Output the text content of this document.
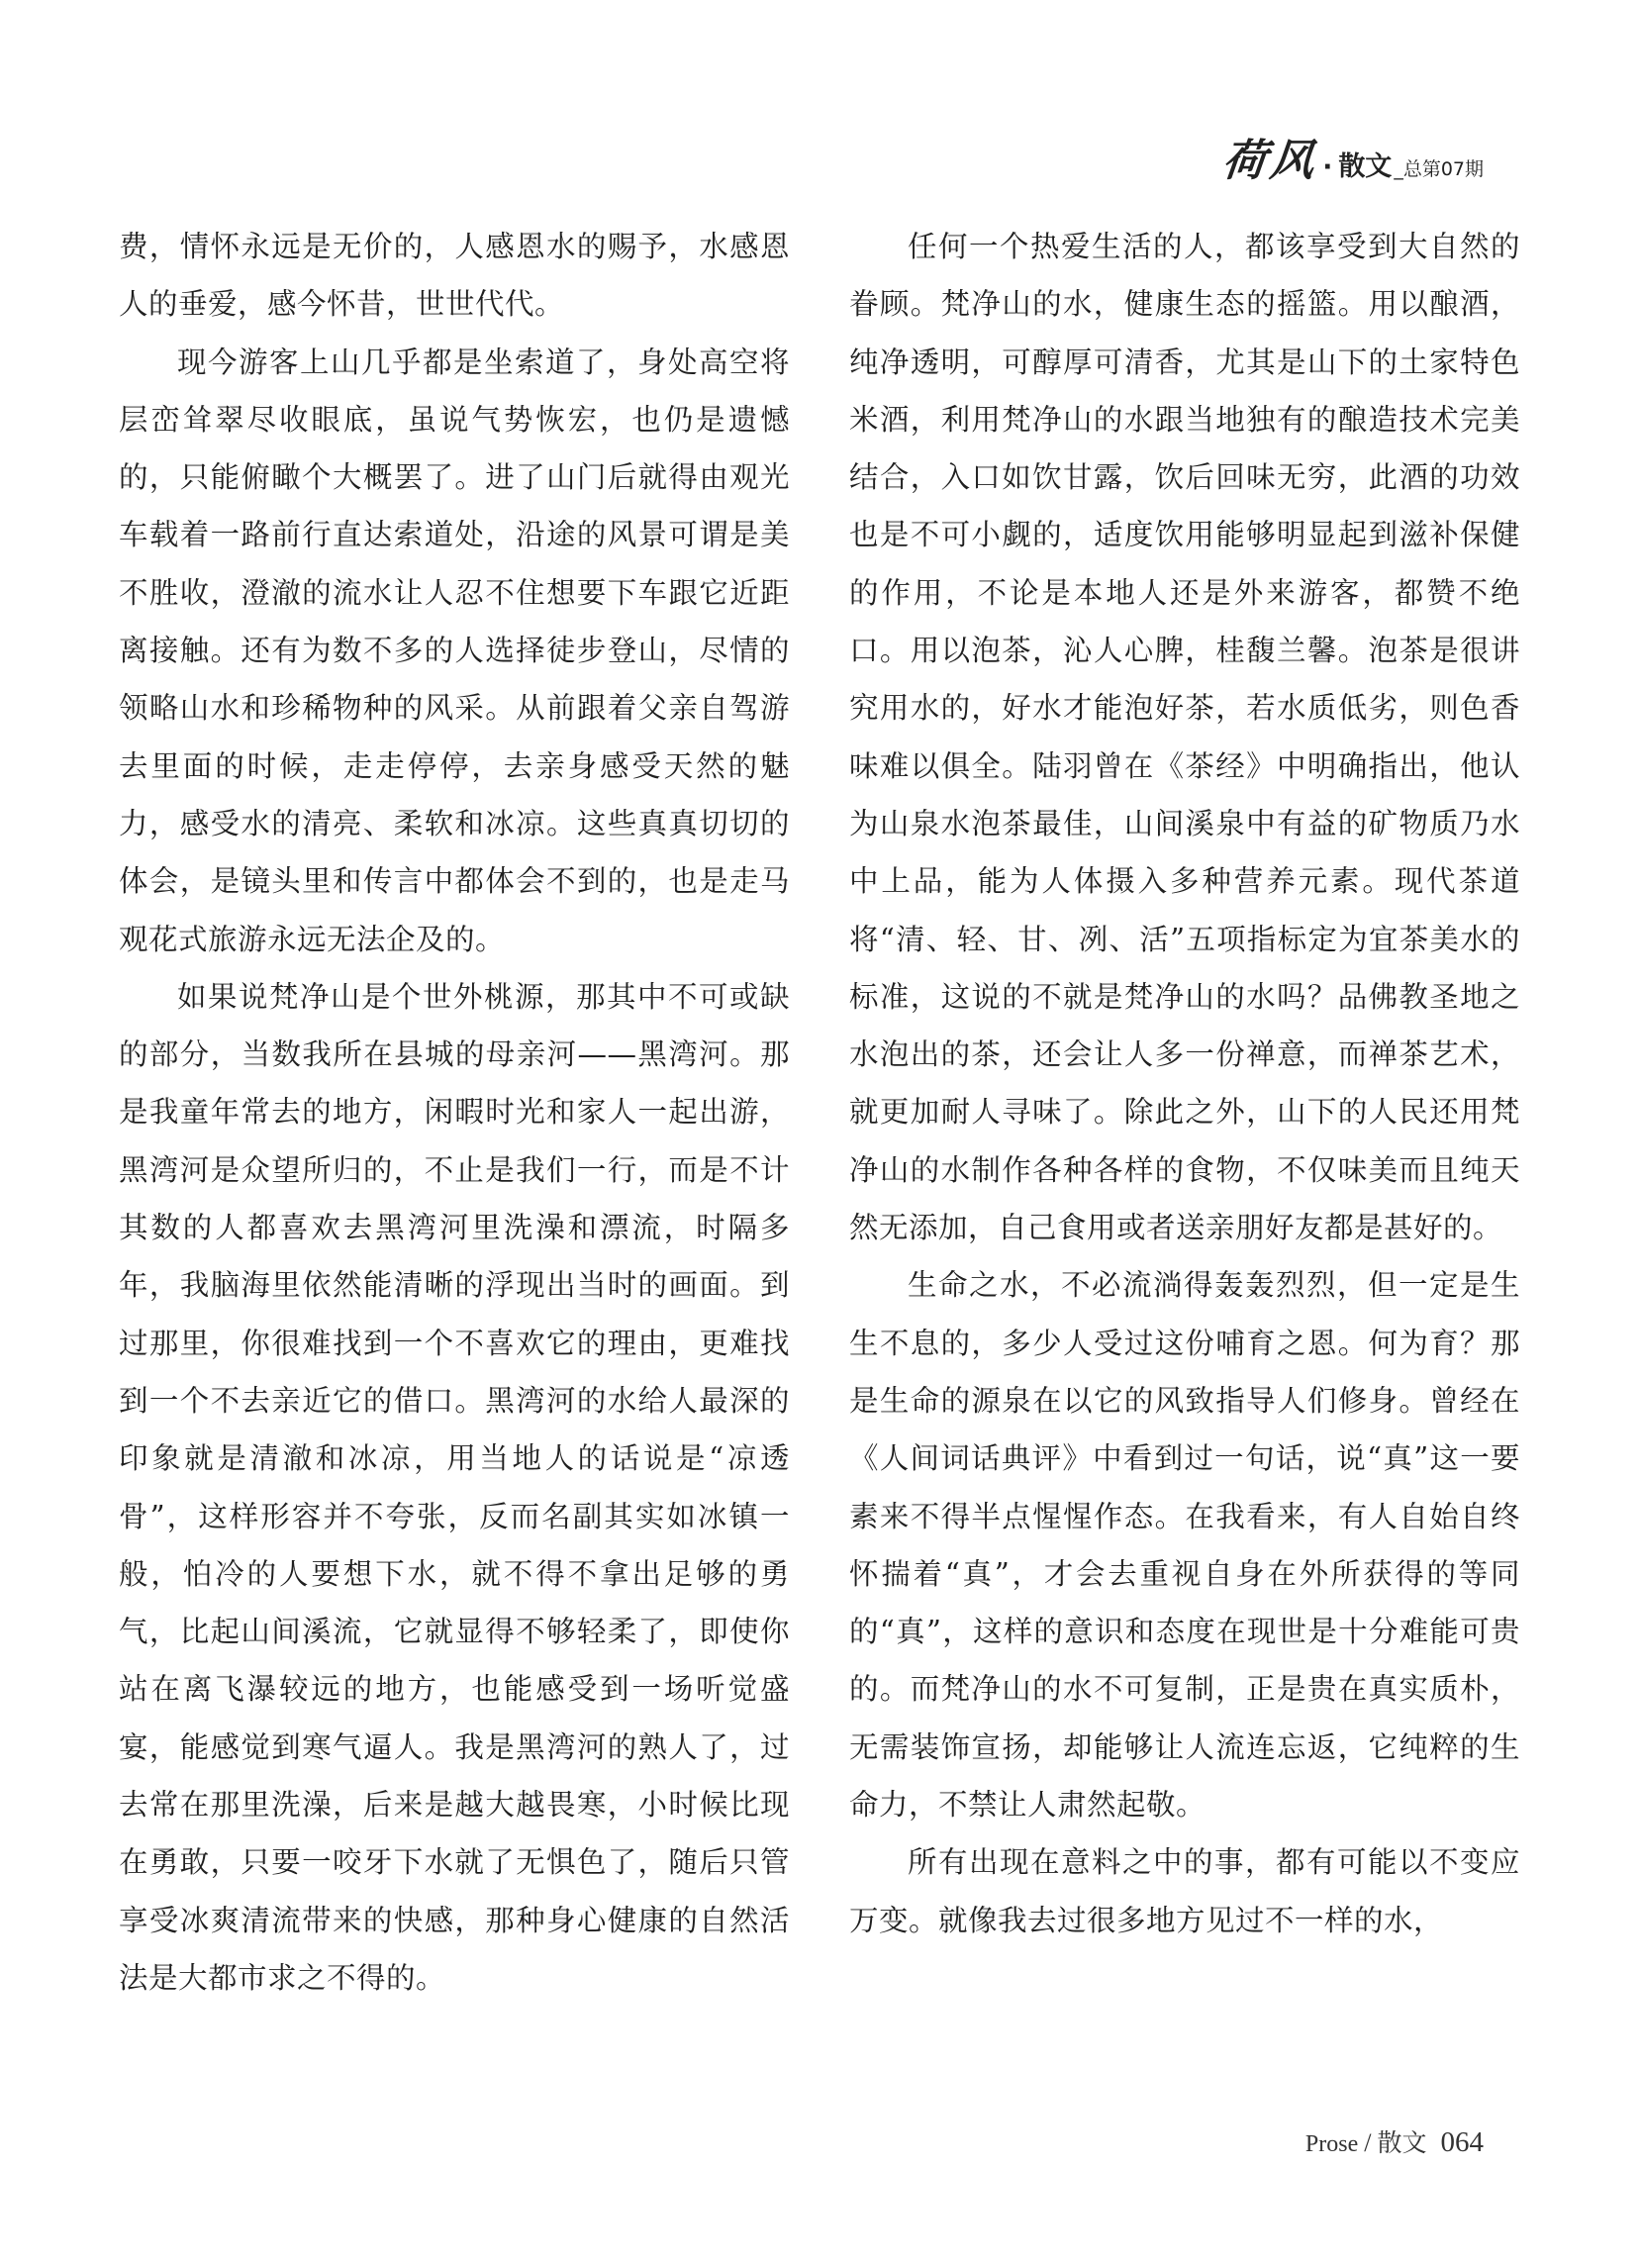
荷风 · 散文 _总第07期

费，情怀永远是无价的，人感恩水的赐予，水感恩人的垂爱，感今怀昔，世世代代。

现今游客上山几乎都是坐索道了，身处高空将层峦耸翠尽收眼底，虽说气势恢宏，也仍是遗憾的，只能俯瞰个大概罢了。进了山门后就得由观光车载着一路前行直达索道处，沿途的风景可谓是美不胜收，澄澈的流水让人忍不住想要下车跟它近距离接触。还有为数不多的人选择徒步登山，尽情的领略山水和珍稀物种的风采。从前跟着父亲自驾游去里面的时候，走走停停，去亲身感受天然的魅力，感受水的清亮、柔软和冰凉。这些真真切切的体会，是镜头里和传言中都体会不到的，也是走马观花式旅游永远无法企及的。

如果说梵净山是个世外桃源，那其中不可或缺的部分，当数我所在县城的母亲河——黑湾河。那是我童年常去的地方，闲暇时光和家人一起出游，黑湾河是众望所归的，不止是我们一行，而是不计其数的人都喜欢去黑湾河里洗澡和漂流，时隔多年，我脑海里依然能清晰的浮现出当时的画面。到过那里，你很难找到一个不喜欢它的理由，更难找到一个不去亲近它的借口。黑湾河的水给人最深的印象就是清澈和冰凉，用当地人的话说是“凉透骨”，这样形容并不夸张，反而名副其实如冰镇一般，怕冷的人要想下水，就不得不拿出足够的勇气，比起山间溪流，它就显得不够轻柔了，即使你站在离飞瀑较远的地方，也能感受到一场听觉盛宴，能感觉到寒气逼人。我是黑湾河的熟人了，过去常在那里洗澡，后来是越大越畏寒，小时候比现在勇敢，只要一咬牙下水就了无惧色了，随后只管享受冰爽清流带来的快感，那种身心健康的自然活法是大都市求之不得的。

任何一个热爱生活的人，都该享受到大自然的眷顾。梵净山的水，健康生态的摇篮。用以酿酒，纯净透明，可醇厚可清香，尤其是山下的土家特色米酒，利用梵净山的水跟当地独有的酿造技术完美结合，入口如饮甘露，饮后回味无穷，此酒的功效也是不可小觑的，适度饮用能够明显起到滋补保健的作用，不论是本地人还是外来游客，都赞不绝口。用以泡茶，沁人心脾，桂馥兰馨。泡茶是很讲究用水的，好水才能泡好茶，若水质低劣，则色香味难以俱全。陆羽曾在《茶经》中明确指出，他认为山泉水泡茶最佳，山间溪泉中有益的矿物质乃水中上品，能为人体摄入多种营养元素。现代茶道将“清、轻、甘、冽、活”五项指标定为宜茶美水的标准，这说的不就是梵净山的水吗？品佛教圣地之水泡出的茶，还会让人多一份禅意，而禅茶艺术，就更加耐人寻味了。除此之外，山下的人民还用梵净山的水制作各种各样的食物，不仅味美而且纯天然无添加，自己食用或者送亲朋好友都是甚好的。

生命之水，不必流淌得轰轰烈烈，但一定是生生不息的，多少人受过这份哺育之恩。何为育？那是生命的源泉在以它的风致指导人们修身。曾经在《人间词话典评》中看到过一句话，说“真”这一要素来不得半点惺惺作态。在我看来，有人自始自终怀揣着“真”，才会去重视自身在外所获得的等同的“真”，这样的意识和态度在现世是十分难能可贵的。而梵净山的水不可复制，正是贵在真实质朴，无需装饰宣扬，却能够让人流连忘返，它纯粹的生命力，不禁让人肃然起敬。

所有出现在意料之中的事，都有可能以不变应万变。就像我去过很多地方见过不一样的水，

Prose / 散文 064
